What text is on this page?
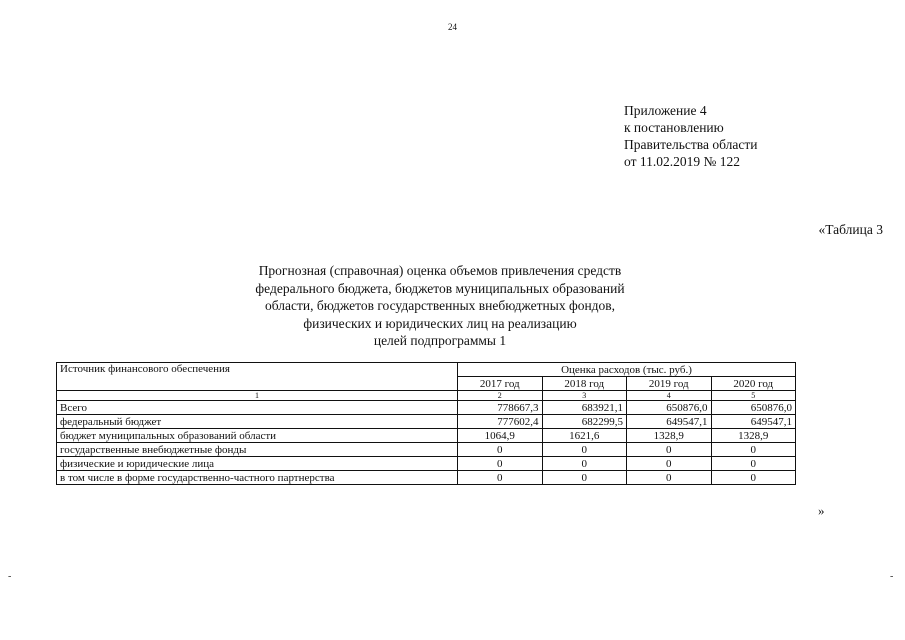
24
Приложение 4
к постановлению
Правительства области
от 11.02.2019 № 122
«Таблица 3
Прогнозная (справочная) оценка объемов привлечения средств
федерального бюджета, бюджетов муниципальных образований
области, бюджетов государственных внебюджетных фондов,
физических и юридических лиц на реализацию
целей подпрограммы 1
Источник финансового обеспечения	Оценка расходов (тыс. руб.)			
	2017 год	2018 год	2019 год	2020 год
1	2	3	4	5
Всего	778667,3	683921,1	650876,0	650876,0
федеральный бюджет	777602,4	682299,5	649547,1	649547,1
бюджет муниципальных образований области	1064,9	1621,6	1328,9	1328,9
государственные внебюджетные фонды	0	0	0	0
физические и юридические лица	0	0	0	0
в том числе в форме государственно-частного партнерства	0	0	0	0
»
-	-
